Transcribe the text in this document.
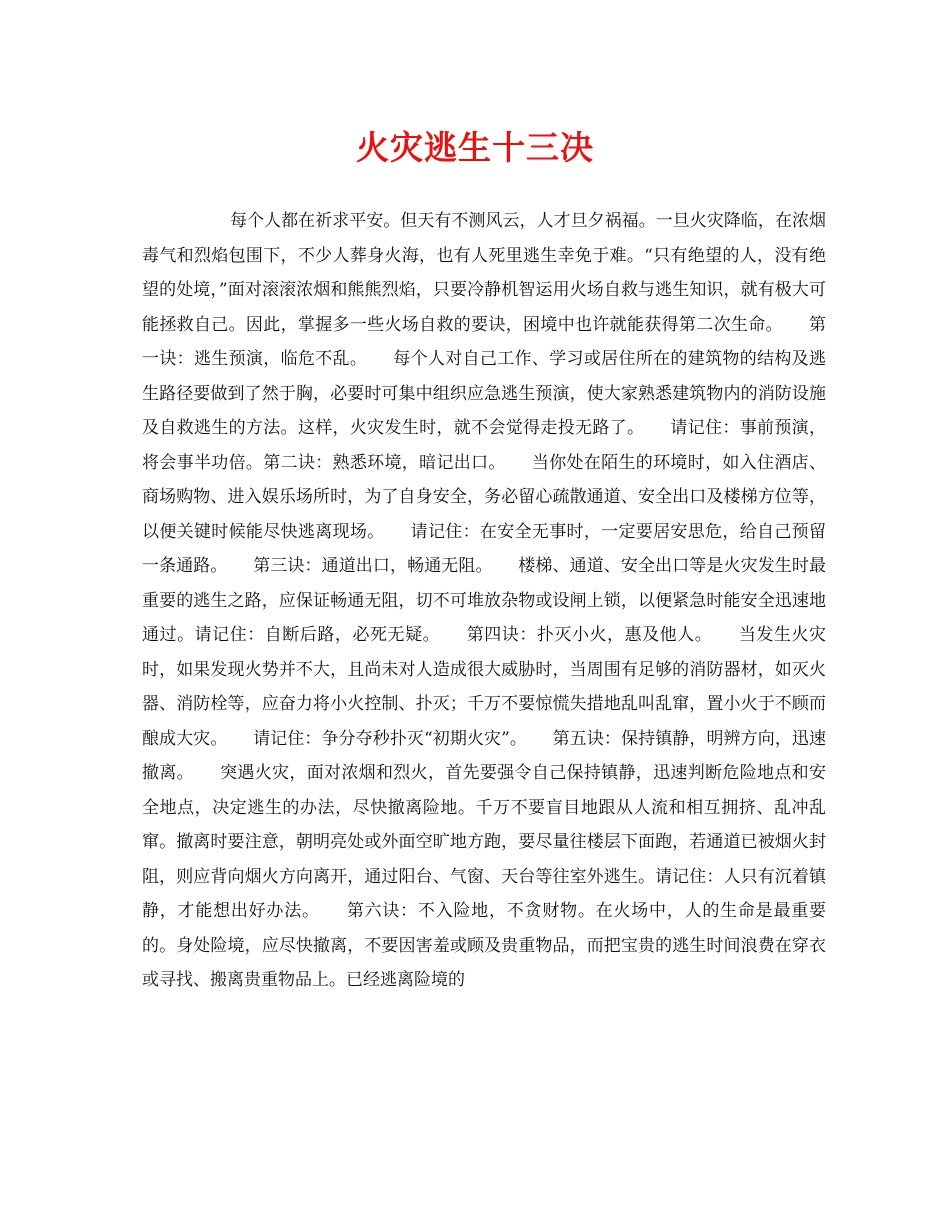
火灾逃生十三决

每个人都在祈求平安。但天有不测风云，人才旦夕祸福。一旦火灾降临，在浓烟毒气和烈焰包围下，不少人葬身火海，也有人死里逃生幸免于难。“只有绝望的人，没有绝望的处境，”面对滚滚浓烟和熊熊烈焰，只要冷静机智运用火场自救与逃生知识，就有极大可能拯救自己。因此，掌握多一些火场自救的要诀，困境中也许就能获得第二次生命。　　第一诀：逃生预演，临危不乱。　　每个人对自己工作、学习或居住所在的建筑物的结构及逃生路径要做到了然于胸，必要时可集中组织应急逃生预演，使大家熟悉建筑物内的消防设施及自救逃生的方法。这样，火灾发生时，就不会觉得走投无路了。　　请记住：事前预演，将会事半功倍。第二诀：熟悉环境，暗记出口。　　当你处在陌生的环境时，如入住酒店、商场购物、进入娱乐场所时，为了自身安全，务必留心疏散通道、安全出口及楼梯方位等，以便关键时候能尽快逃离现场。　　请记住：在安全无事时，一定要居安思危，给自己预留一条通路。　　第三诀：通道出口，畅通无阻。　　楼梯、通道、安全出口等是火灾发生时最重要的逃生之路，应保证畅通无阻，切不可堆放杂物或设闸上锁，以便紧急时能安全迅速地通过。请记住：自断后路，必死无疑。　　第四诀：扑灭小火，惠及他人。　　当发生火灾时，如果发现火势并不大，且尚未对人造成很大威胁时，当周围有足够的消防器材，如灭火器、消防栓等，应奋力将小火控制、扑灭；千万不要惊慌失措地乱叫乱窜，置小火于不顾而酿成大灾。　　请记住：争分夺秒扑灭“初期火灾”。　　第五诀：保持镇静，明辨方向，迅速撤离。　　突遇火灾，面对浓烟和烈火，首先要强令自己保持镇静，迅速判断危险地点和安全地点，决定逃生的办法，尽快撤离险地。千万不要盲目地跟从人流和相互拥挤、乱冲乱窜。撤离时要注意，朝明亮处或外面空旷地方跑，要尽量往楼层下面跑，若通道已被烟火封阻，则应背向烟火方向离开，通过阳台、气窗、天台等往室外逃生。请记住：人只有沉着镇静，才能想出好办法。　　第六诀：不入险地，不贪财物。在火场中，人的生命是最重要的。身处险境，应尽快撤离，不要因害羞或顾及贵重物品，而把宝贵的逃生时间浪费在穿衣或寻找、搬离贵重物品上。已经逃离险境的
